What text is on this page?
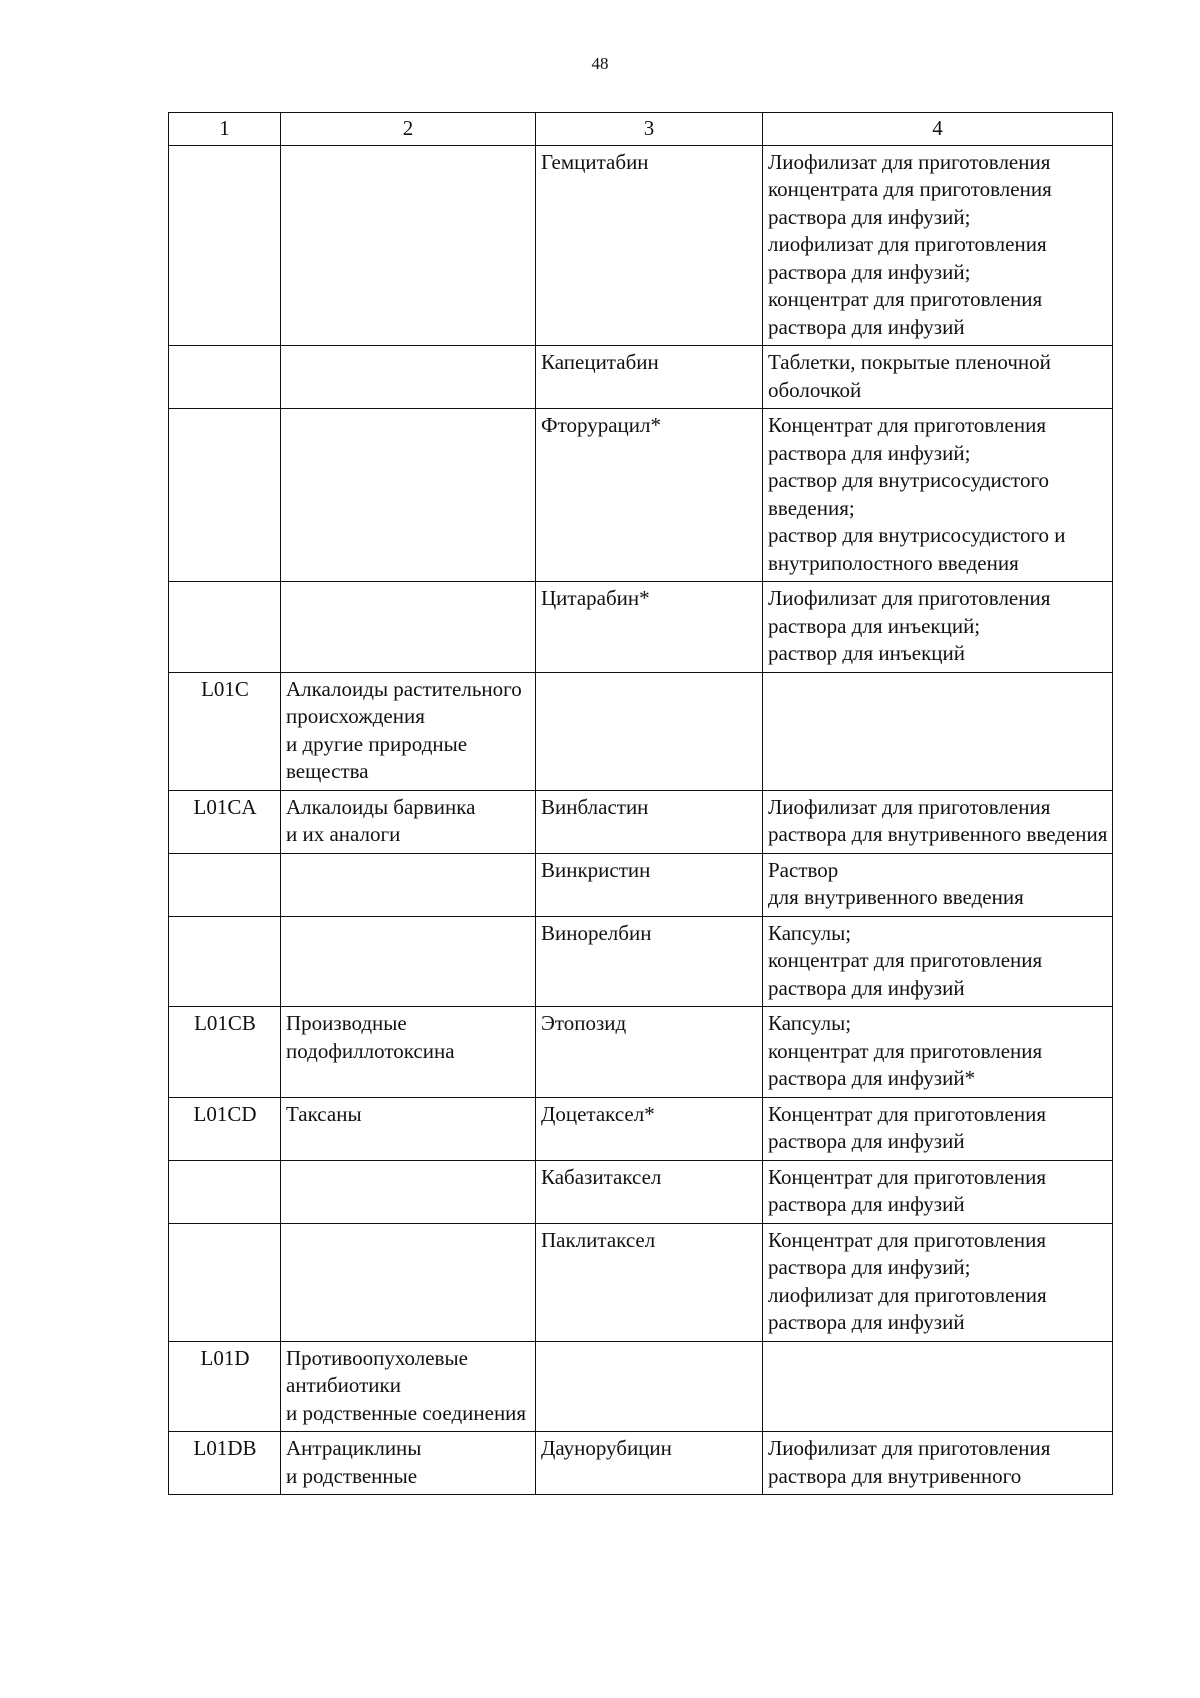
48
1	2	3	4
		Гемцитабин	Лиофилизат для приготовления концентрата для приготовления раствора для инфузий;
лиофилизат для приготовления раствора для инфузий;
концентрат для приготовления раствора для инфузий
		Капецитабин	Таблетки, покрытые пленочной оболочкой
		Фторурацил*	Концентрат для приготовления раствора для инфузий;
раствор для внутрисосудистого введения;
раствор для внутрисосудистого и внутриполостного введения
		Цитарабин*	Лиофилизат для приготовления раствора для инъекций;
раствор для инъекций
L01C	Алкалоиды растительного
происхождения
и другие природные вещества		
L01CA	Алкалоиды барвинка
и их аналоги	Винбластин	Лиофилизат для приготовления раствора для внутривенного введения
		Винкристин	Раствор
для внутривенного введения
		Винорелбин	Капсулы;
концентрат для приготовления раствора для инфузий
L01CB	Производные подофиллотоксина	Этопозид	Капсулы;
концентрат для приготовления раствора для инфузий*
L01CD	Таксаны	Доцетаксел*	Концентрат для приготовления раствора для инфузий
		Кабазитаксел	Концентрат для приготовления раствора для инфузий
		Паклитаксел	Концентрат для приготовления раствора для инфузий;
лиофилизат для приготовления раствора для инфузий
L01D	Противоопухолевые антибиотики
и родственные соединения		
L01DB	Антрациклины
и родственные	Даунорубицин	Лиофилизат для приготовления раствора для внутривенного
